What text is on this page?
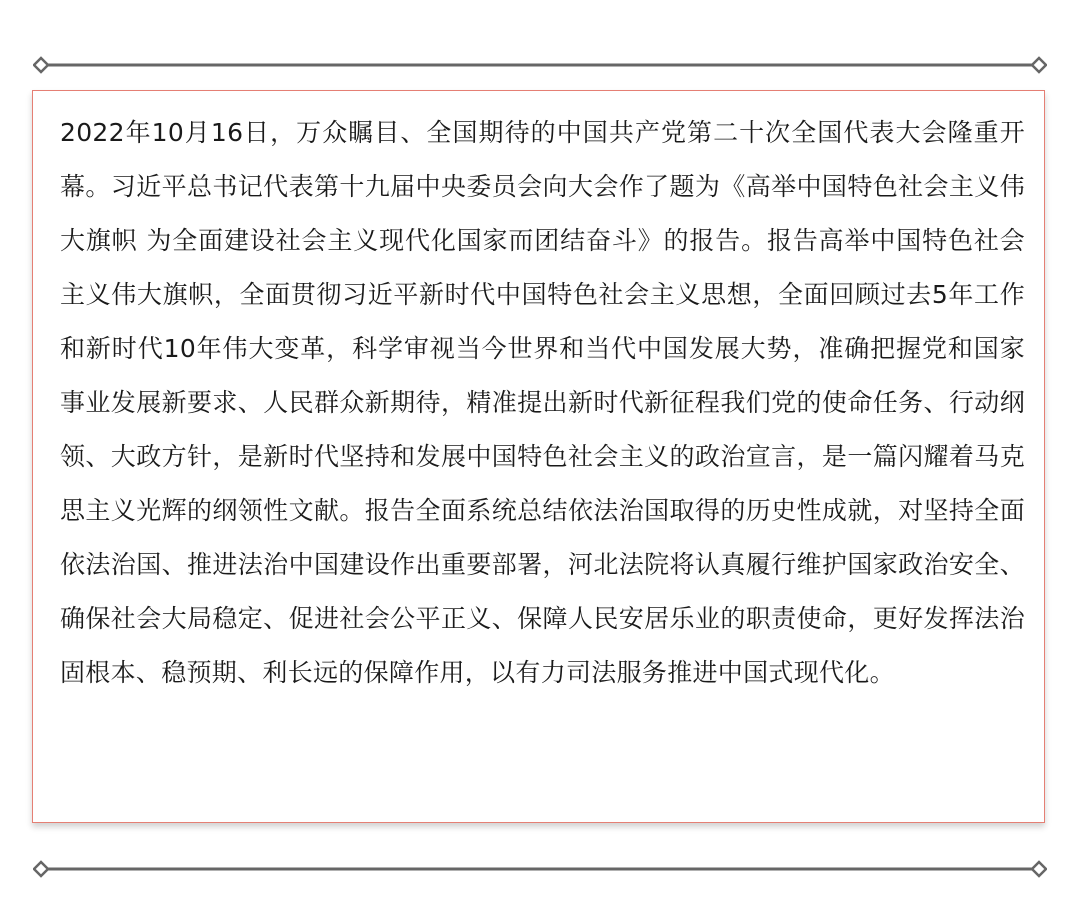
2022年10月16日，万众瞩目、全国期待的中国共产党第二十次全国代表大会隆重开幕。习近平总书记代表第十九届中央委员会向大会作了题为《高举中国特色社会主义伟大旗帜 为全面建设社会主义现代化国家而团结奋斗》的报告。报告高举中国特色社会主义伟大旗帜，全面贯彻习近平新时代中国特色社会主义思想，全面回顾过去5年工作和新时代10年伟大变革，科学审视当今世界和当代中国发展大势，准确把握党和国家事业发展新要求、人民群众新期待，精准提出新时代新征程我们党的使命任务、行动纲领、大政方针，是新时代坚持和发展中国特色社会主义的政治宣言，是一篇闪耀着马克思主义光辉的纲领性文献。报告全面系统总结依法治国取得的历史性成就，对坚持全面依法治国、推进法治中国建设作出重要部署，河北法院将认真履行维护国家政治安全、确保社会大局稳定、促进社会公平正义、保障人民安居乐业的职责使命，更好发挥法治固根本、稳预期、利长远的保障作用，以有力司法服务推进中国式现代化。
